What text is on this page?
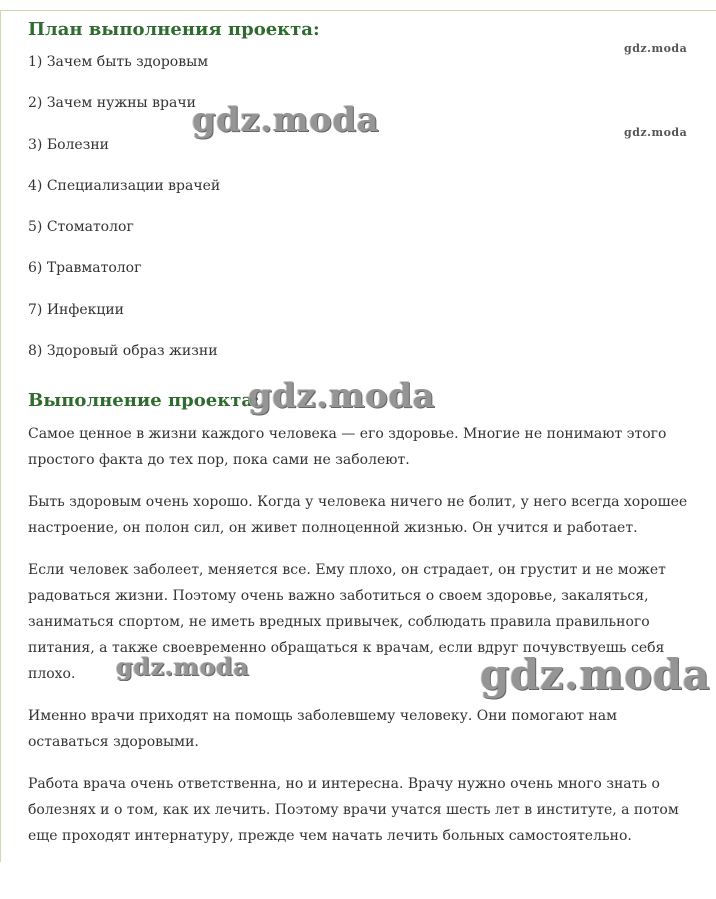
План выполнения проекта:
1) Зачем быть здоровым
2) Зачем нужны врачи
3) Болезни
4) Специализации врачей
5) Стоматолог
6) Травматолог
7) Инфекции
8) Здоровый образ жизни
Выполнение проекта:

Самое ценное в жизни каждого человека — его здоровье. Многие не понимают этого простого факта до тех пор, пока сами не заболеют.

Быть здоровым очень хорошо. Когда у человека ничего не болит, у него всегда хорошее настроение, он полон сил, он живет полноценной жизнью. Он учится и работает.

Если человек заболеет, меняется все. Ему плохо, он страдает, он грустит и не может радоваться жизни. Поэтому очень важно заботиться о своем здоровье, закаляться, заниматься спортом, не иметь вредных привычек, соблюдать правила правильного питания, а также своевременно обращаться к врачам, если вдруг почувствуешь себя плохо.

Именно врачи приходят на помощь заболевшему человеку. Они помогают нам оставаться здоровыми.

Работа врача очень ответственна, но и интересна. Врачу нужно очень много знать о болезнях и о том, как их лечить. Поэтому врачи учатся шесть лет в институте, а потом еще проходят интернатуру, прежде чем начать лечить больных самостоятельно.

gdz.moda
gdz.moda	gdz.moda
gdz.moda
gdz.moda	gdz.moda
